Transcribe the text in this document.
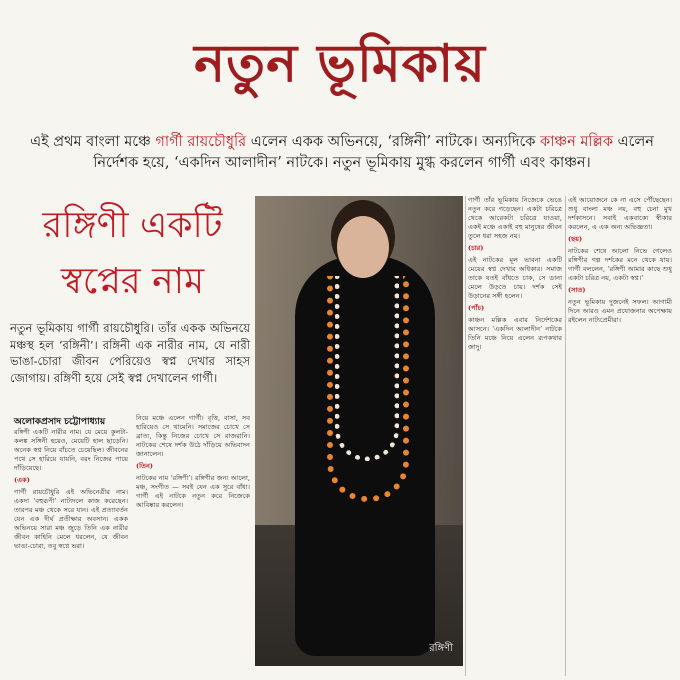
নতুন ভূমিকায়
এই প্রথম বাংলা মঞ্চে গার্গী রায়চৌধুরি এলেন একক অভিনয়ে, ‘রঙ্গিনী’ নাটকে। অন্যদিকে কাঞ্চন মল্লিক এলেন নির্দেশক হয়ে, ‘একদিন আলাদীন’ নাটকে। নতুন ভূমিকায় মুগ্ধ করলেন গার্গী এবং কাঞ্চন।
রঙ্গিণী একটি
স্বপ্নের নাম
নতুন ভূমিকায় গার্গী রায়চৌধুরি। তাঁর একক অভিনয়ে মঞ্চস্থ হল ‘রঙ্গিনী’। রঙ্গিনী এক নারীর নাম, যে নারী ভাঙা-চোরা জীবন পেরিয়েও স্বপ্ন দেখার সাহস জোগায়। রঙ্গিণী হয়ে সেই স্বপ্ন দেখালেন গার্গী।
অলোকপ্রসাদ চট্টোপাধ্যায়

রঙ্গিণী একটি নারীর নাম। যে মেয়ে কুলটা-কলঙ্ক সঙ্গিনী হয়েও, মেয়েটি হাল ছাড়েনি। অনেক স্বপ্ন নিয়ে বাঁচতে চেয়েছিল। জীবনের পথে সে হারিয়ে যায়নি, বরং নিজের পায়ে দাঁড়িয়েছে।

(এক)

গার্গী রায়চৌধুরি এই অভিনেত্রীর নাম। একদা ‘বহুরূপী’ নাট্যদলে কাজ করেছেন। তারপর মঞ্চ থেকে সরে যান। এই প্রত্যাবর্তন যেন এক দীর্ঘ প্রতীক্ষার অবসান। একক অভিনয়ে সারা মঞ্চ জুড়ে তিনি এক নারীর জীবন কাহিনি মেলে ধরলেন, যে জীবন ভাঙা-চোরা, তবু স্বপ্নে ভরা।

নিয়ে মঞ্চে এলেন গার্গী। বৃত্তি, বাসা, সব হারিয়েও সে থামেনি। সমাজের চোখে সে ব্রাত্য, কিন্তু নিজের চোখে সে রাজরানি। নাটকের শেষে দর্শক উঠে দাঁড়িয়ে অভিবাদন জানালেন।

(তিন)

নাটকের নাম ‘রঙ্গিণী’। রঙ্গিণীর জন্য আলো, মঞ্চ, সংগীত — সবই যেন এক সুরে বাঁধা। গার্গী এই নাটকে নতুন করে নিজেকে আবিষ্কার করলেন।

রঙ্গিণী

গার্গী তাঁর ভূমিকায় নিজেকে ভেঙে নতুন করে গড়েছেন। একটা চরিত্রে থেকে আরেকটা চরিত্রে যাওয়া, একই মঞ্চে একাই বহু মানুষের জীবন তুলে ধরা সহজ নয়।

(চার)

এই নাটকের মূল ভাবনা একটি মেয়ের স্বপ্ন দেখার অধিকার। সমাজ তাকে যতই বাঁধতে চাক, সে ডানা মেলে উড়তে চায়। দর্শক সেই উড়ানের সঙ্গী হলেন।

(পাঁচ)

কাঞ্চন মল্লিক এবার নির্দেশকের আসনে। ‘একদিন আলাদীন’ নাটকে তিনি মঞ্চে নিয়ে এলেন রূপকথার জাদু।

এই আয়োজনে কে না এসে পৌঁছেছেন। শুধু বাংলা মঞ্চ নয়, বহু চেনা মুখ দর্শকাসনে। সবাই একবাক্যে স্বীকার করলেন, এ এক অন্য অভিজ্ঞতা।

(ছয়)

নাটকের শেষে আলো নিভে গেলেও রঙ্গিণীর গল্প দর্শকের মনে থেকে যায়। গার্গী বললেন, ‘রঙ্গিণী আমার কাছে শুধু একটা চরিত্র নয়, একটা স্বপ্ন।’

(সাত)

নতুন ভূমিকায় দুজনেই সফল। আগামী দিনে আরও এমন প্রযোজনার অপেক্ষায় রইলেন নাট্যপ্রেমীরা।
